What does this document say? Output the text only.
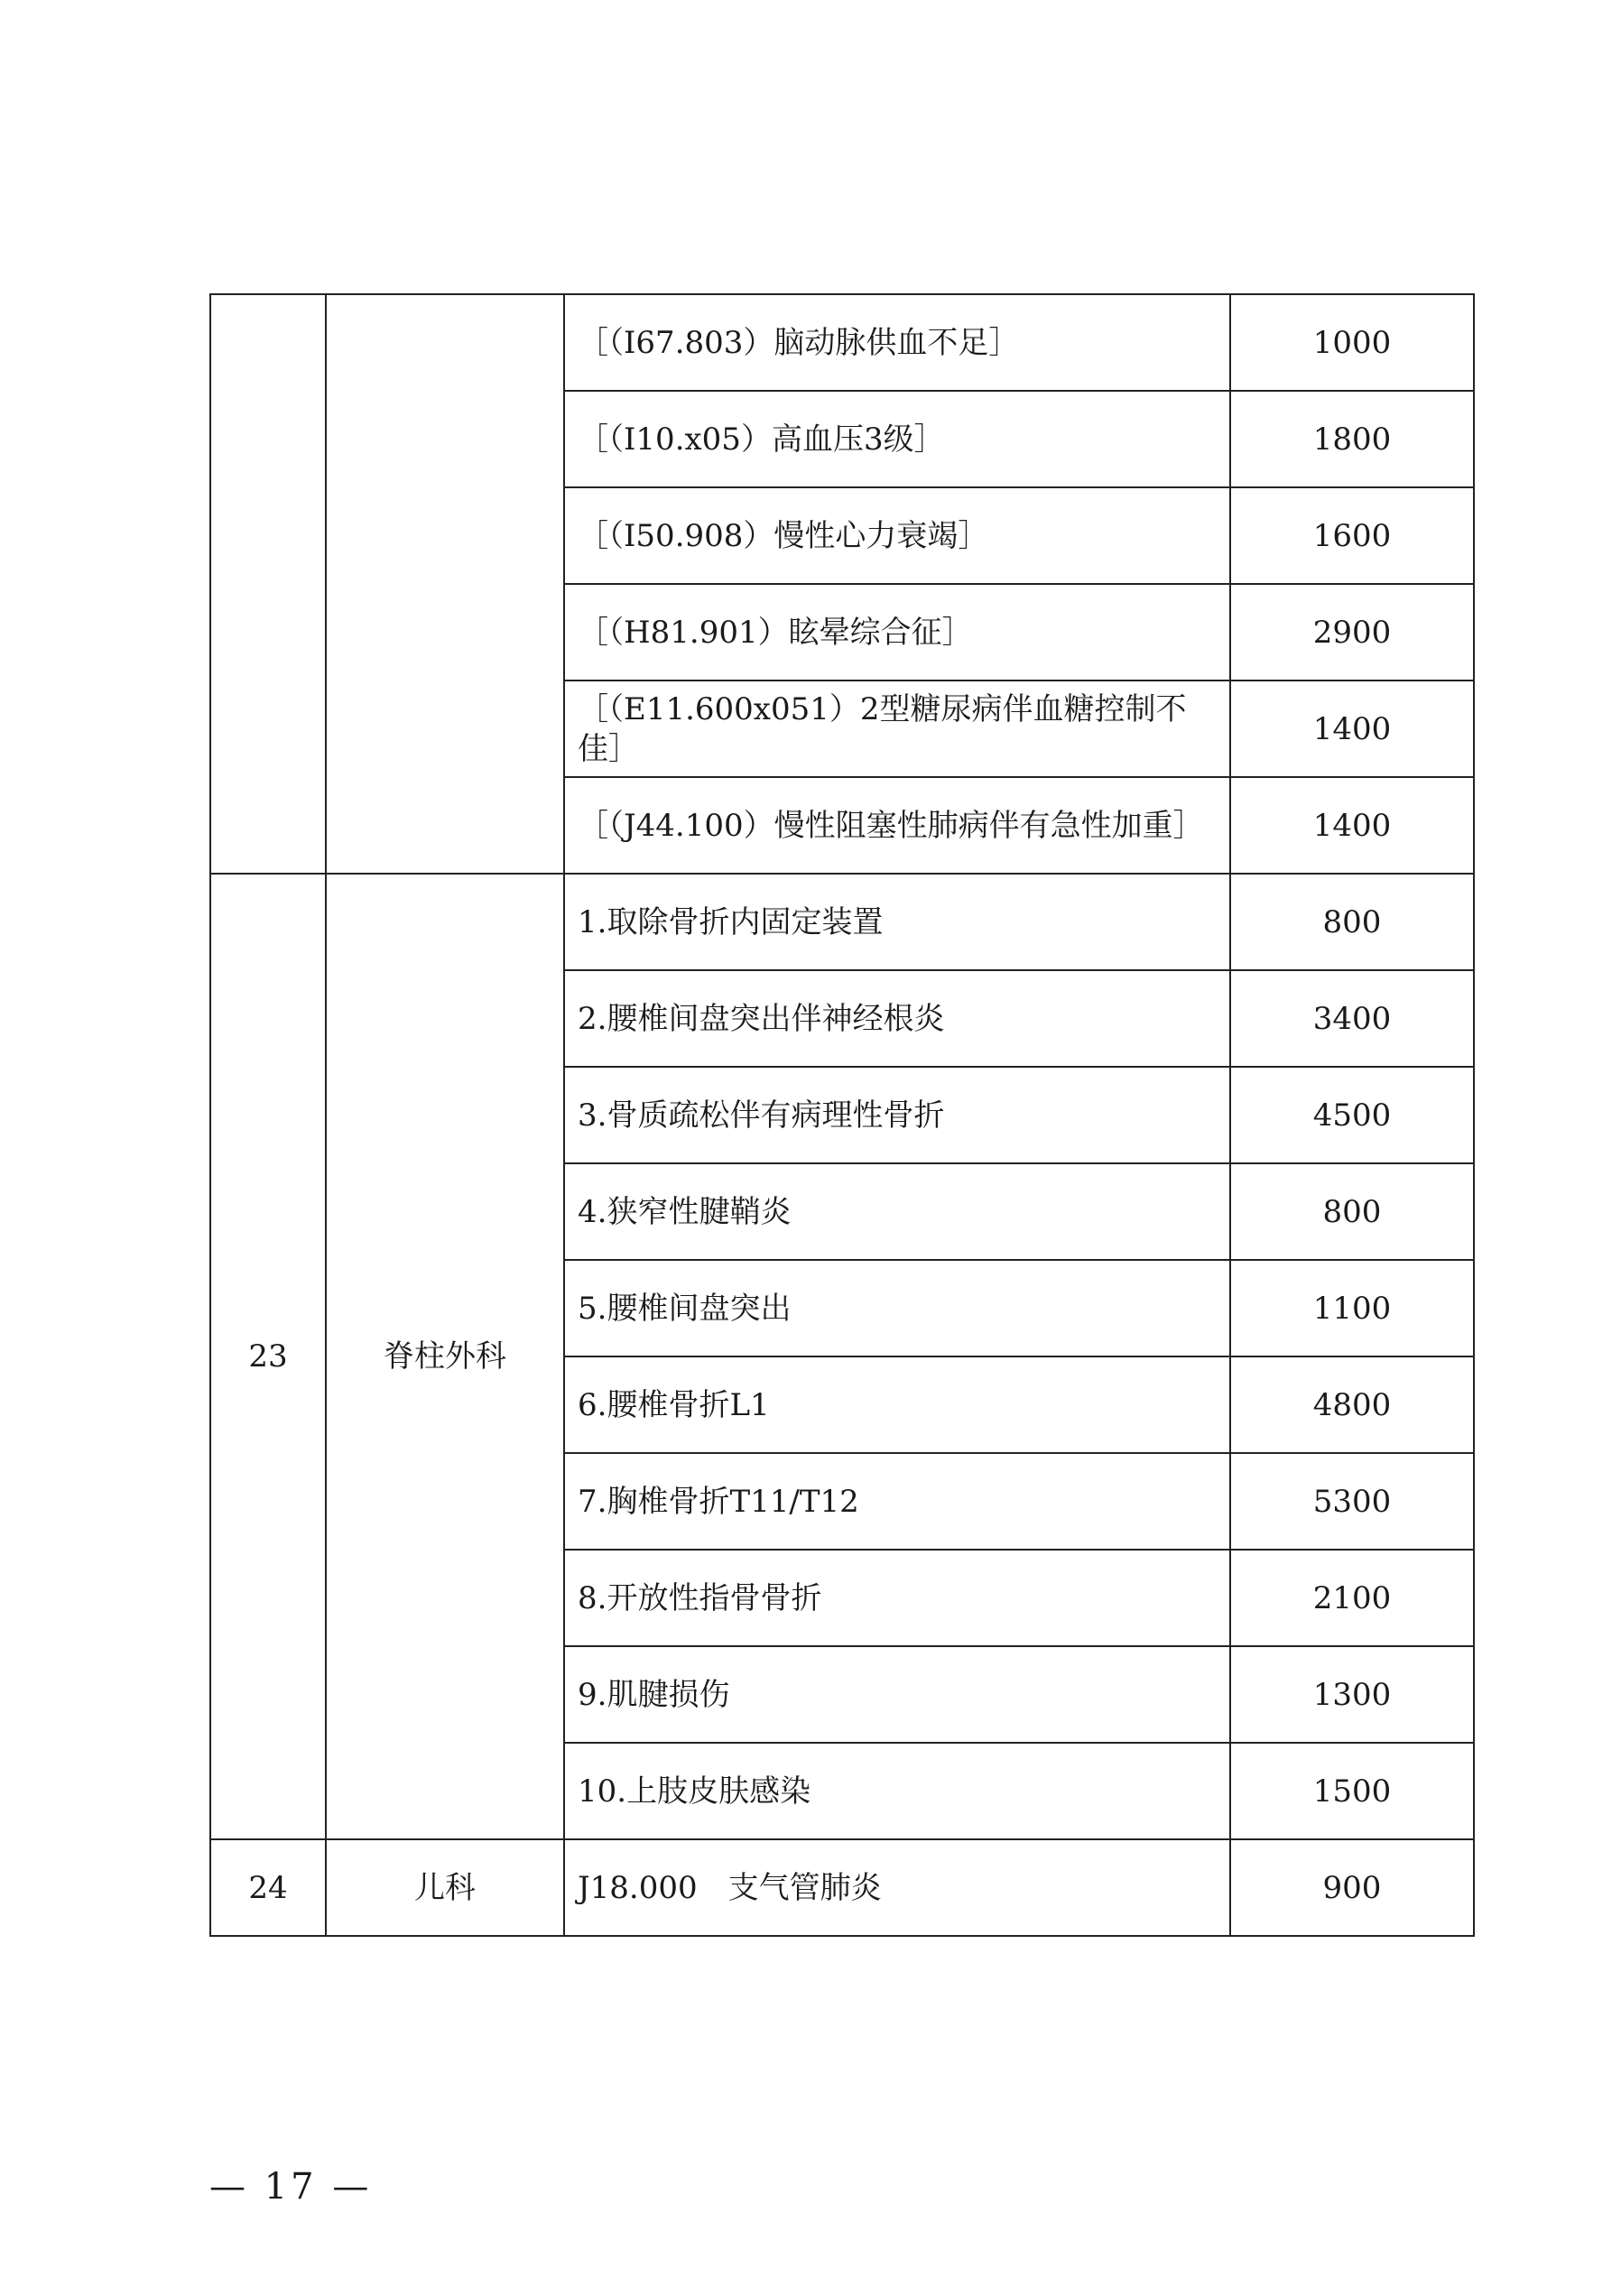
		［（I67.803）脑动脉供血不足］	1000
		［（I10.x05）高血压3级］	1800
		［（I50.908）慢性心力衰竭］	1600
		［（H81.901）眩晕综合征］	2900
		［（E11.600x051）2型糖尿病伴血糖控制不佳］	1400
		［（J44.100）慢性阻塞性肺病伴有急性加重］	1400
23	脊柱外科	1.取除骨折内固定装置	800
		2.腰椎间盘突出伴神经根炎	3400
		3.骨质疏松伴有病理性骨折	4500
		4.狭窄性腱鞘炎	800
		5.腰椎间盘突出	1100
		6.腰椎骨折L1	4800
		7.胸椎骨折T11/T12	5300
		8.开放性指骨骨折	2100
		9.肌腱损伤	1300
		10.上肢皮肤感染	1500
24	儿科	J18.000　支气管肺炎	900
— 17 —
